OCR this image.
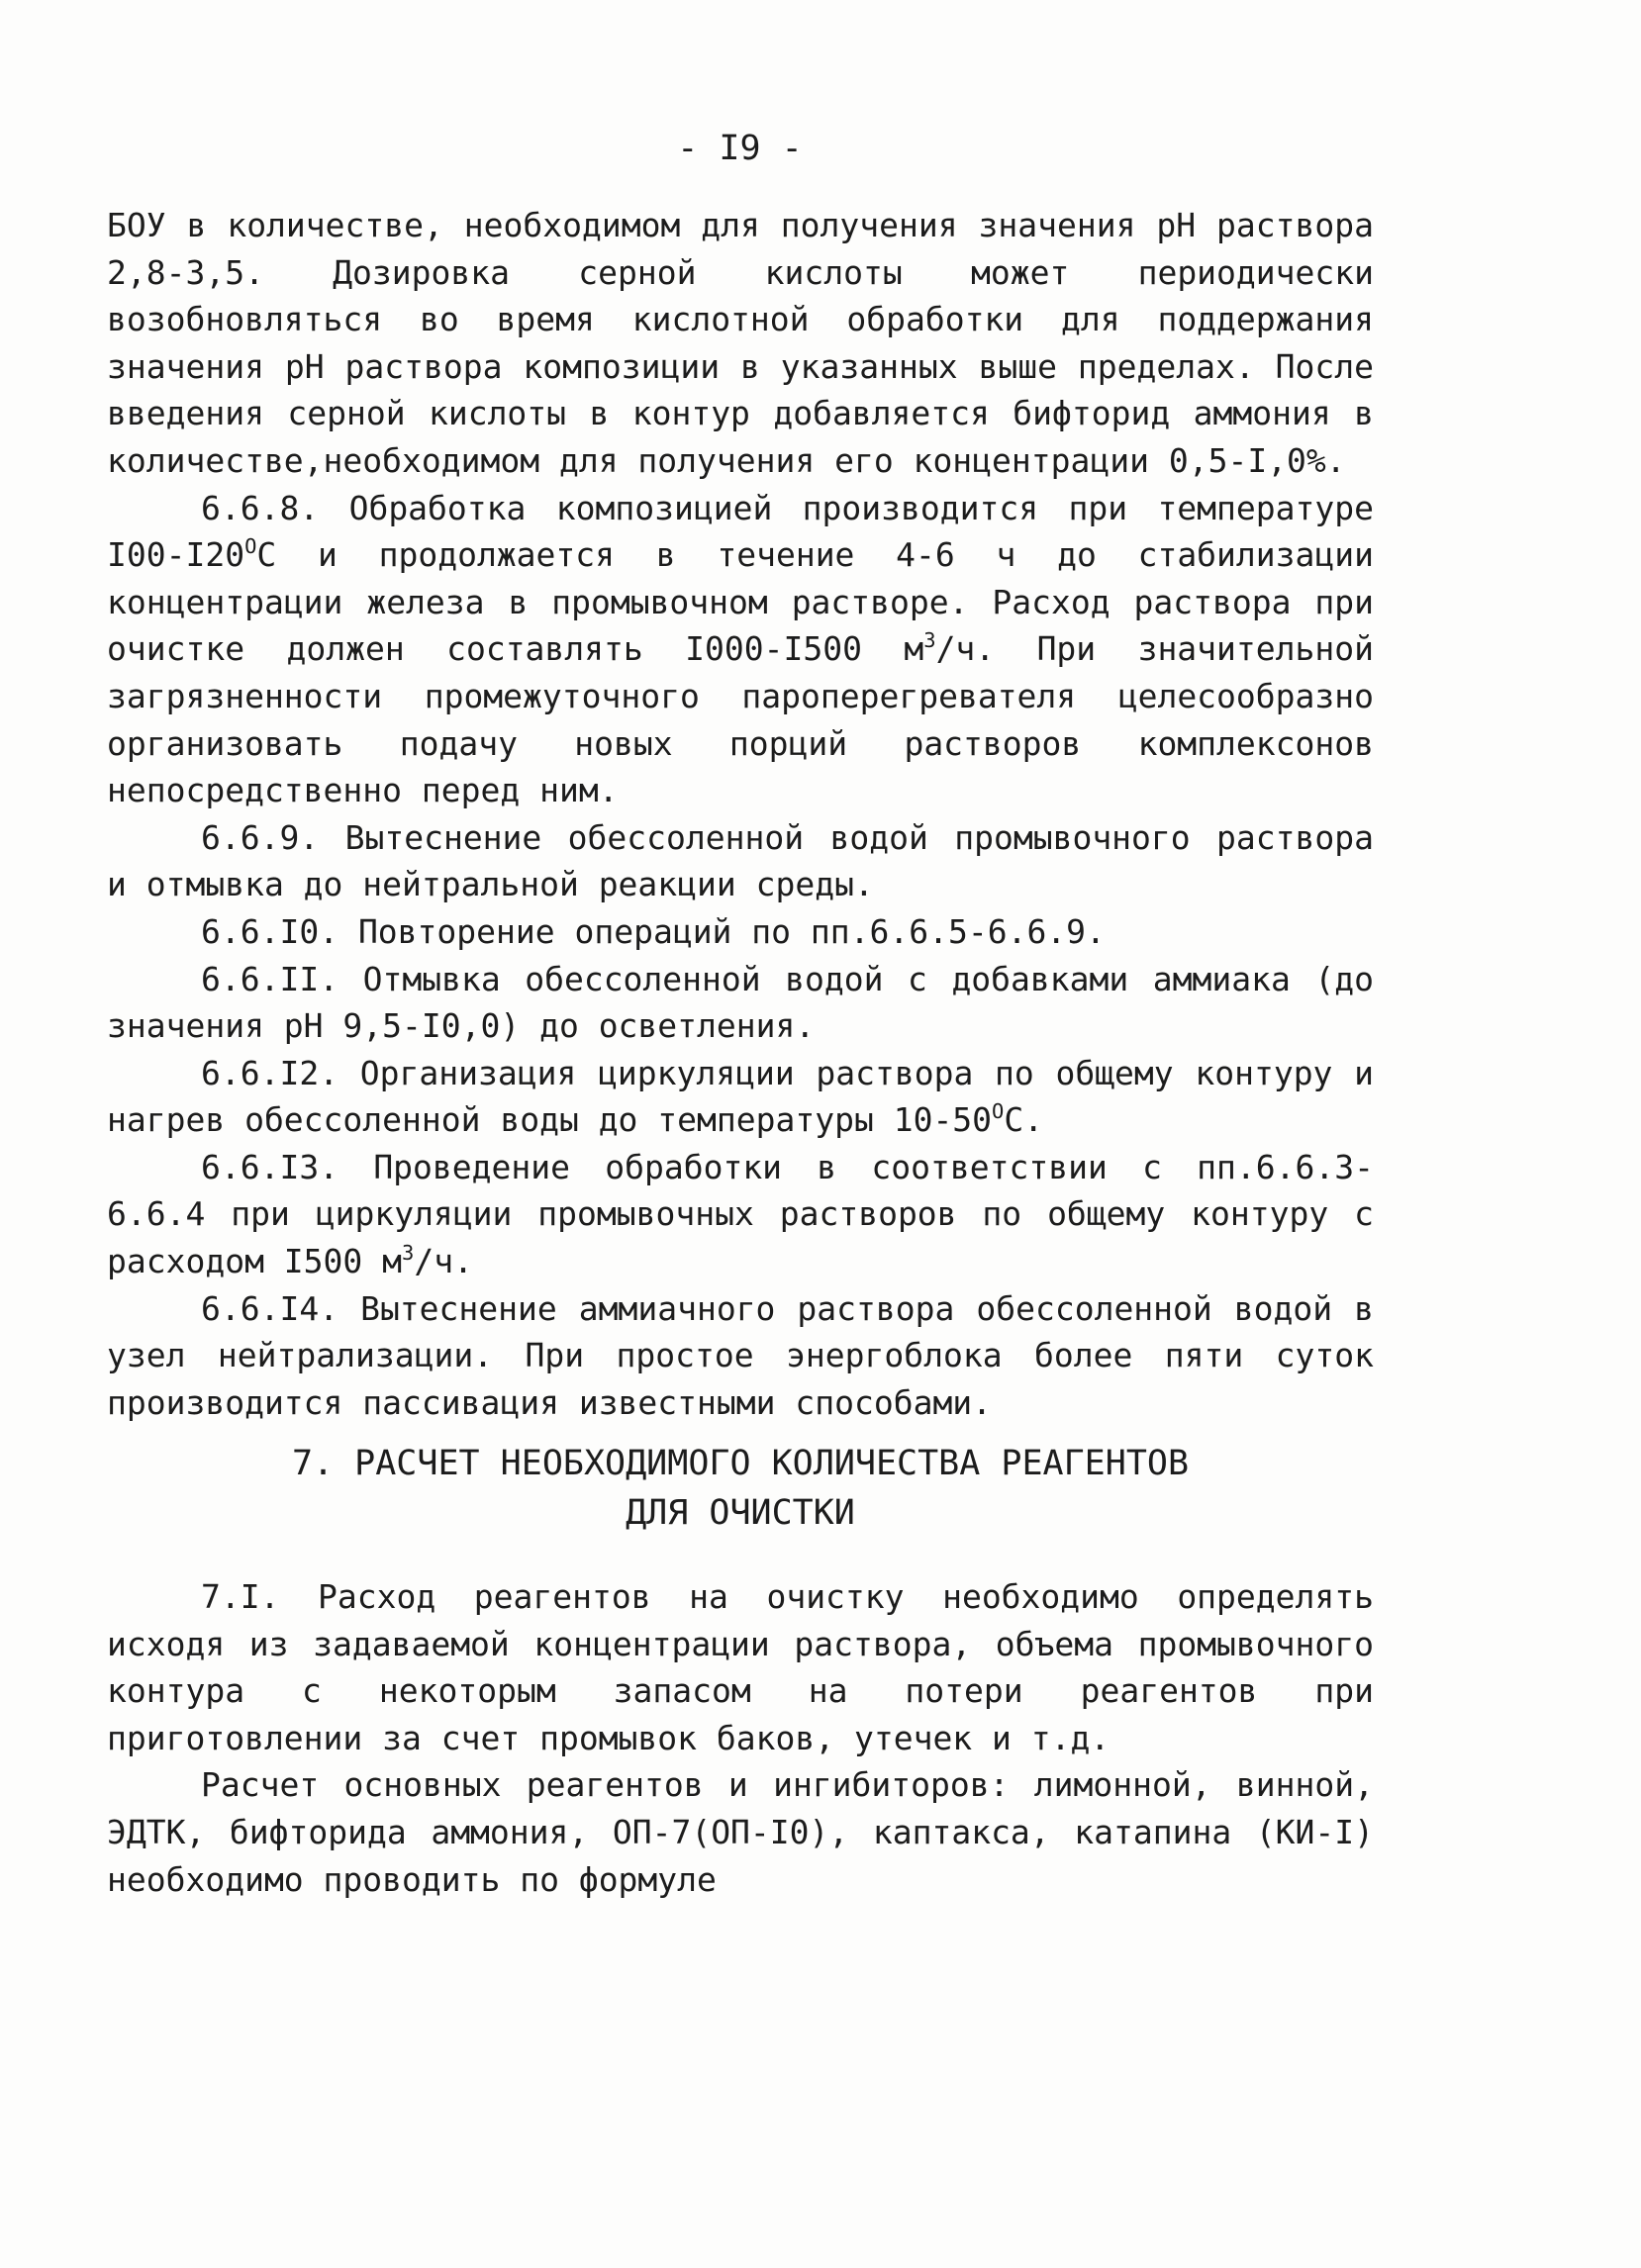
- I9 -

БОУ в количестве, необходимом для получения значения pH раствора 2,8-3,5. Дозировка серной кислоты может периодически возобновляться во время кислотной обработки для поддержания значения pH раствора композиции в указанных выше пределах. После введения серной кислоты в контур добавляется бифторид аммония в количестве,необходимом для получения его концентрации 0,5-I,0%.

6.6.8. Обработка композицией производится при температуре $I00-I20^OC$ и продолжается в течение 4-6 ч до стабилизации концентрации железа в промывочном растворе. Расход раствора при очистке должен составлять I000-I500 $м^3/ч$. При значительной загрязненности промежуточного пароперегревателя целесообразно организовать подачу новых порций растворов комплексонов непосредственно перед ним.

6.6.9. Вытеснение обессоленной водой промывочного раствора и отмывка до нейтральной реакции среды.

6.6.I0. Повторение операций по пп.6.6.5-6.6.9.

6.6.II. Отмывка обессоленной водой с добавками аммиака (до значения pH 9,5-I0,0) до осветления.

6.6.I2. Организация циркуляции раствора по общему контуру и нагрев обессоленной воды до температуры $10-50^OC$.

6.6.I3. Проведение обработки в соответствии с пп.6.6.3-6.6.4 при циркуляции промывочных растворов по общему контуру с расходом I500 $м^3/ч$.

6.6.I4. Вытеснение аммиачного раствора обессоленной водой в узел нейтрализации. При простое энергоблока более пяти суток производится пассивация известными способами.

7. РАСЧЕТ НЕОБХОДИМОГО КОЛИЧЕСТВА РЕАГЕНТОВ
ДЛЯ ОЧИСТКИ

7.I. Расход реагентов на очистку необходимо определять исходя из задаваемой концентрации раствора, объема промывочного контура с некоторым запасом на потери реагентов при приготовлении за счет промывок баков, утечек и т.д.

Расчет основных реагентов и ингибиторов: лимонной, винной, ЭДТК, бифторида аммония, ОП-7(ОП-I0), каптакса, катапина (КИ-I) необходимо проводить по формуле
